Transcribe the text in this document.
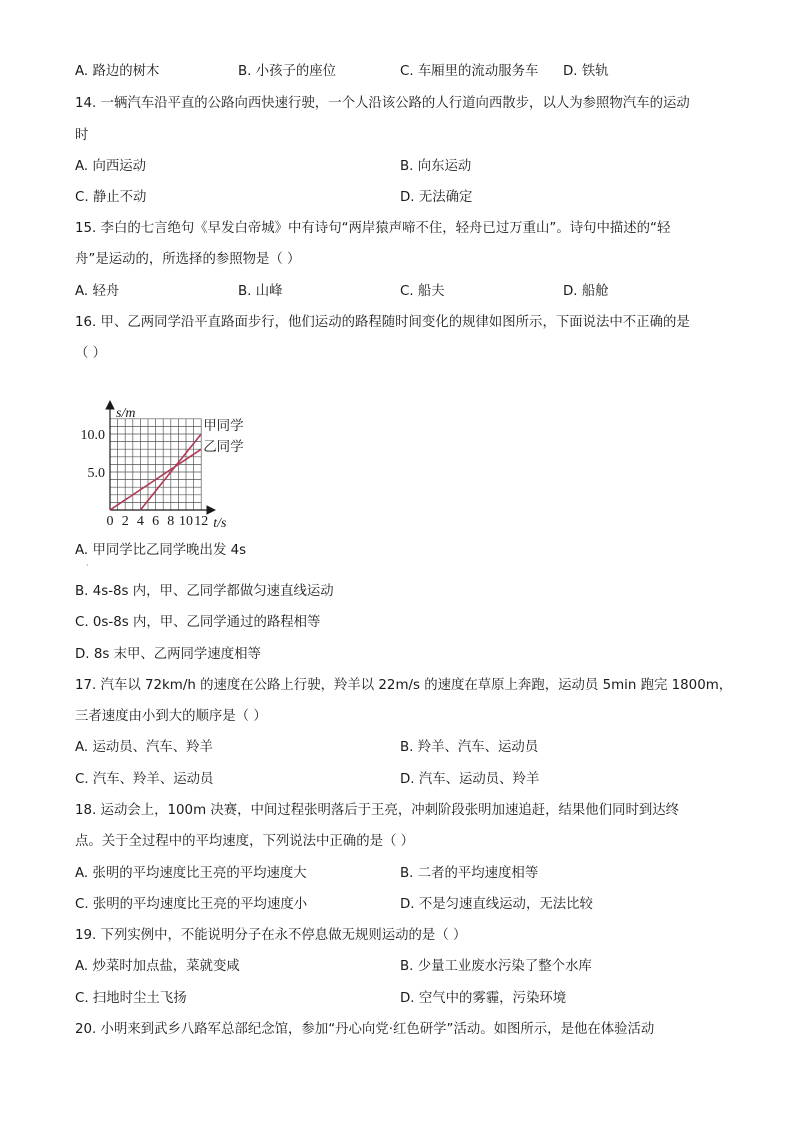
A. 路边的树木	B. 小孩子的座位	C. 车厢里的流动服务车 D. 铁轨
14. 一辆汽车沿平直的公路向西快速行驶，一个人沿该公路的人行道向西散步，以人为参照物汽车的运动
时
A. 向西运动	B. 向东运动
C. 静止不动	D. 无法确定
15. 李白的七言绝句《早发白帝城》中有诗句“两岸猿声啼不住，轻舟已过万重山”。诗句中描述的“轻
舟”是运动的，所选择的参照物是（ ）
A. 轻舟	B. 山峰	C. 船夫	D. 船舱
16. 甲、乙两同学沿平直路面步行，他们运动的路程随时间变化的规律如图所示，下面说法中不正确的是
（ ）
0 2 4 6 8 10 12
5.0
10.0
甲同学
乙同学
s/m
t/s
·
A. 甲同学比乙同学晚出发 4s
B. 4s-8s 内，甲、乙同学都做匀速直线运动
C. 0s-8s 内，甲、乙同学通过的路程相等
D. 8s 末甲、乙两同学速度相等
17. 汽车以 72km/h 的速度在公路上行驶，羚羊以 22m/s 的速度在草原上奔跑，运动员 5min 跑完 1800m，
三者速度由小到大的顺序是（ ）
A. 运动员、汽车、羚羊	B. 羚羊、汽车、运动员
C. 汽车、羚羊、运动员	D. 汽车、运动员、羚羊
18. 运动会上，100m 决赛，中间过程张明落后于王亮，冲刺阶段张明加速追赶，结果他们同时到达终
点。关于全过程中的平均速度，下列说法中正确的是（ ）
A. 张明的平均速度比王亮的平均速度大	B. 二者的平均速度相等
C. 张明的平均速度比王亮的平均速度小	D. 不是匀速直线运动，无法比较
19. 下列实例中，不能说明分子在永不停息做无规则运动的是（ ）
A. 炒菜时加点盐，菜就变咸	B. 少量工业废水污染了整个水库
C. 扫地时尘土飞扬	D. 空气中的雾霾，污染环境
20. 小明来到武乡八路军总部纪念馆，参加“丹心向党·红色研学”活动。如图所示，是他在体验活动
